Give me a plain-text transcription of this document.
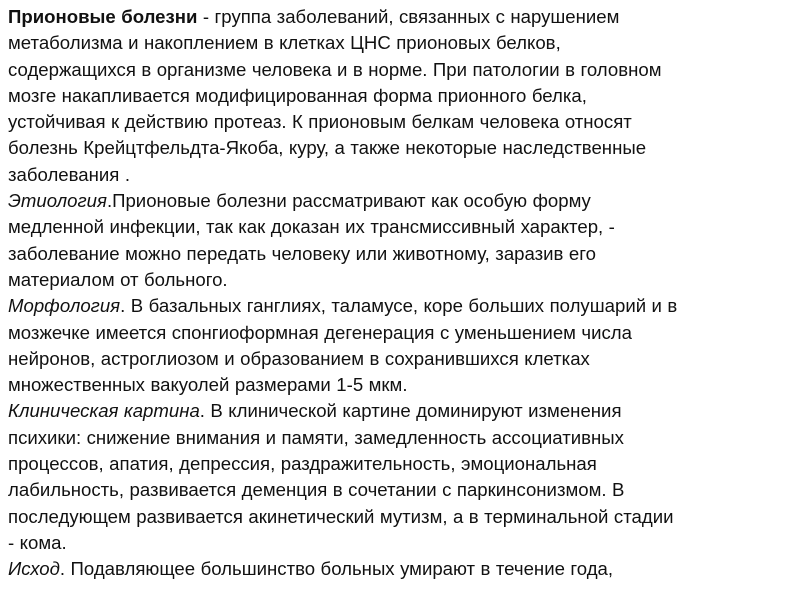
Прионовые болезни - группа заболеваний, связанных с нарушением
метаболизма и накоплением в клетках ЦНС прионовых белков,
содержащихся в организме человека и в норме. При патологии в головном
мозге накапливается модифицированная форма прионного белка,
устойчивая к действию протеаз. К прионовым белкам человека относят
болезнь Крейцтфельдта-Якоба, куру, а также некоторые наследственные
заболевания .
Этиология.Прионовые болезни рассматривают как особую форму
медленной инфекции, так как доказан их трансмиссивный характер, -
заболевание можно передать человеку или животному, заразив его
материалом от больного.
Морфология. В базальных ганглиях, таламусе, коре больших полушарий и в
мозжечке имеется спонгиоформная дегенерация с уменьшением числа
нейронов, астроглиозом и образованием в сохранившихся клетках
множественных вакуолей размерами 1-5 мкм.
Клиническая картина. В клинической картине доминируют изменения
психики: снижение внимания и памяти, замедленность ассоциативных
процессов, апатия, депрессия, раздражительность, эмоциональная
лабильность, развивается деменция в сочетании с паркинсонизмом. В
последующем развивается акинетический мутизм, а в терминальной стадии
- кома.
Исход. Подавляющее большинство больных умирают в течение года,
